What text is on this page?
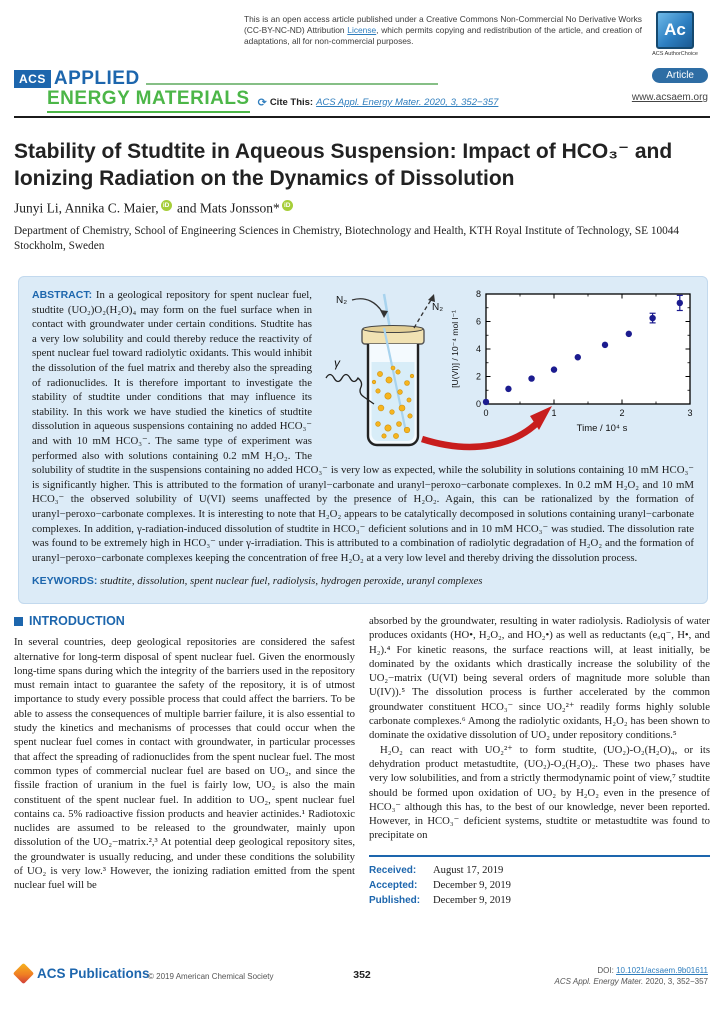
This is an open access article published under a Creative Commons Non-Commercial No Derivative Works (CC-BY-NC-ND) Attribution License, which permits copying and redistribution of the article, and creation of adaptations, all for non-commercial purposes.
Ac
ACS AuthorChoice
ACS APPLIED
ENERGY MATERIALS ⟳ Cite This: ACS Appl. Energy Mater. 2020, 3, 352−357
Article
www.acsaem.org
Stability of Studtite in Aqueous Suspension: Impact of HCO₃⁻ and Ionizing Radiation on the Dynamics of Dissolution
Junyi Li, Annika C. Maier, iD and Mats Jonsson* iD
Department of Chemistry, School of Engineering Sciences in Chemistry, Biotechnology and Health, KTH Royal Institute of Technology, SE 10044 Stockholm, Sweden
N₂
N₂
γ
0	1	2	3
0
2
4
6
8
Time / 10⁴ s
[U(VI)] / 10⁻⁴ mol l⁻¹

ABSTRACT: In a geological repository for spent nuclear fuel, studtite (UO₂)O₂(H₂O)₄ may form on the fuel surface when in contact with groundwater under certain conditions. Studtite has a very low solubility and could thereby reduce the reactivity of spent nuclear fuel toward radiolytic oxidants. This would inhibit the dissolution of the fuel matrix and thereby also the spreading of radionuclides. It is therefore important to investigate the stability of studtite under conditions that may influence its stability. In this work we have studied the kinetics of studtite dissolution in aqueous suspensions containing no added HCO₃⁻ and with 10 mM HCO₃⁻. The same type of experiment was performed also with solutions containing 0.2 mM H₂O₂. The solubility of studtite in the suspensions containing no added HCO₃⁻ is very low as expected, while the solubility in solutions containing 10 mM HCO₃⁻ is significantly higher. This is attributed to the formation of uranyl−carbonate and uranyl−peroxo−carbonate complexes. In 0.2 mM H₂O₂ and 10 mM HCO₃⁻ the observed solubility of U(VI) seems unaffected by the presence of H₂O₂. Again, this can be rationalized by the formation of uranyl−peroxo−carbonate complexes. It is interesting to note that H₂O₂ appears to be catalytically decomposed in solutions containing uranyl−carbonate complexes. In addition, γ-radiation-induced dissolution of studtite in HCO₃⁻ deficient solutions and in 10 mM HCO₃⁻ was studied. The dissolution rate was found to be extremely high in HCO₃⁻ under γ-irradiation. This is attributed to a combination of radiolytic degradation of H₂O₂ and the formation of uranyl−peroxo−carbonate complexes keeping the concentration of free H₂O₂ at a very low level and thereby driving the dissolution process.

KEYWORDS: studtite, dissolution, spent nuclear fuel, radiolysis, hydrogen peroxide, uranyl complexes

INTRODUCTION

In several countries, deep geological repositories are considered the safest alternative for long-term disposal of spent nuclear fuel. Given the enormously long-time spans during which the integrity of the barriers used in the repository must remain intact to guarantee the safety of the repository, it is of utmost importance to study every possible process that could affect the barriers. To be able to assess the consequences of multiple barrier failure, it is also essential to study the kinetics and mechanisms of processes that could occur when the spent nuclear fuel comes in contact with groundwater, in particular processes that affect the spreading of radionuclides from the spent nuclear fuel. The most common types of commercial nuclear fuel are based on UO₂, and since the fissile fraction of uranium in the fuel is fairly low, UO₂ is also the main constituent of the spent nuclear fuel. In addition to UO₂, spent nuclear fuel contains ca. 5% radioactive fission products and heavier actinides.¹ Radiotoxic nuclides are assumed to be released to the groundwater, mainly upon dissolution of the UO₂−matrix.²,³ At potential deep geological repository sites, the groundwater is usually reducing, and under these conditions the solubility of UO₂ is very low.³ However, the ionizing radiation emitted from the spent nuclear fuel will be

absorbed by the groundwater, resulting in water radiolysis. Radiolysis of water produces oxidants (HO•, H₂O₂, and HO₂•) as well as reductants (eₐq⁻, H•, and H₂).⁴ For kinetic reasons, the surface reactions will, at least initially, be dominated by the oxidants which drastically increase the solubility of the UO₂−matrix (U(VI) being several orders of magnitude more soluble than U(IV)).⁵ The dissolution process is further accelerated by the common groundwater constituent HCO₃⁻ since UO₂²⁺ readily forms highly soluble carbonate complexes.⁶ Among the radiolytic oxidants, H₂O₂ has been shown to dominate the oxidative dissolution of UO₂ under repository conditions.⁵

H₂O₂ can react with UO₂²⁺ to form studtite, (UO₂)-O₂(H₂O)₄, or its dehydration product metastudtite, (UO₂)-O₂(H₂O)₂. These two phases have very low solubilities, and from a strictly thermodynamic point of view,⁷ studtite should be formed upon oxidation of UO₂ by H₂O₂ even in the presence of HCO₃⁻ although this has, to the best of our knowledge, never been reported. However, in HCO₃⁻ deficient systems, studtite or metastudtite was found to precipitate on

Received:	August 17, 2019
Accepted:	December 9, 2019
Published:	December 9, 2019
ACS Publications
© 2019 American Chemical Society	352	DOI: 10.1021/acsaem.9b01611
ACS Appl. Energy Mater. 2020, 3, 352−357
